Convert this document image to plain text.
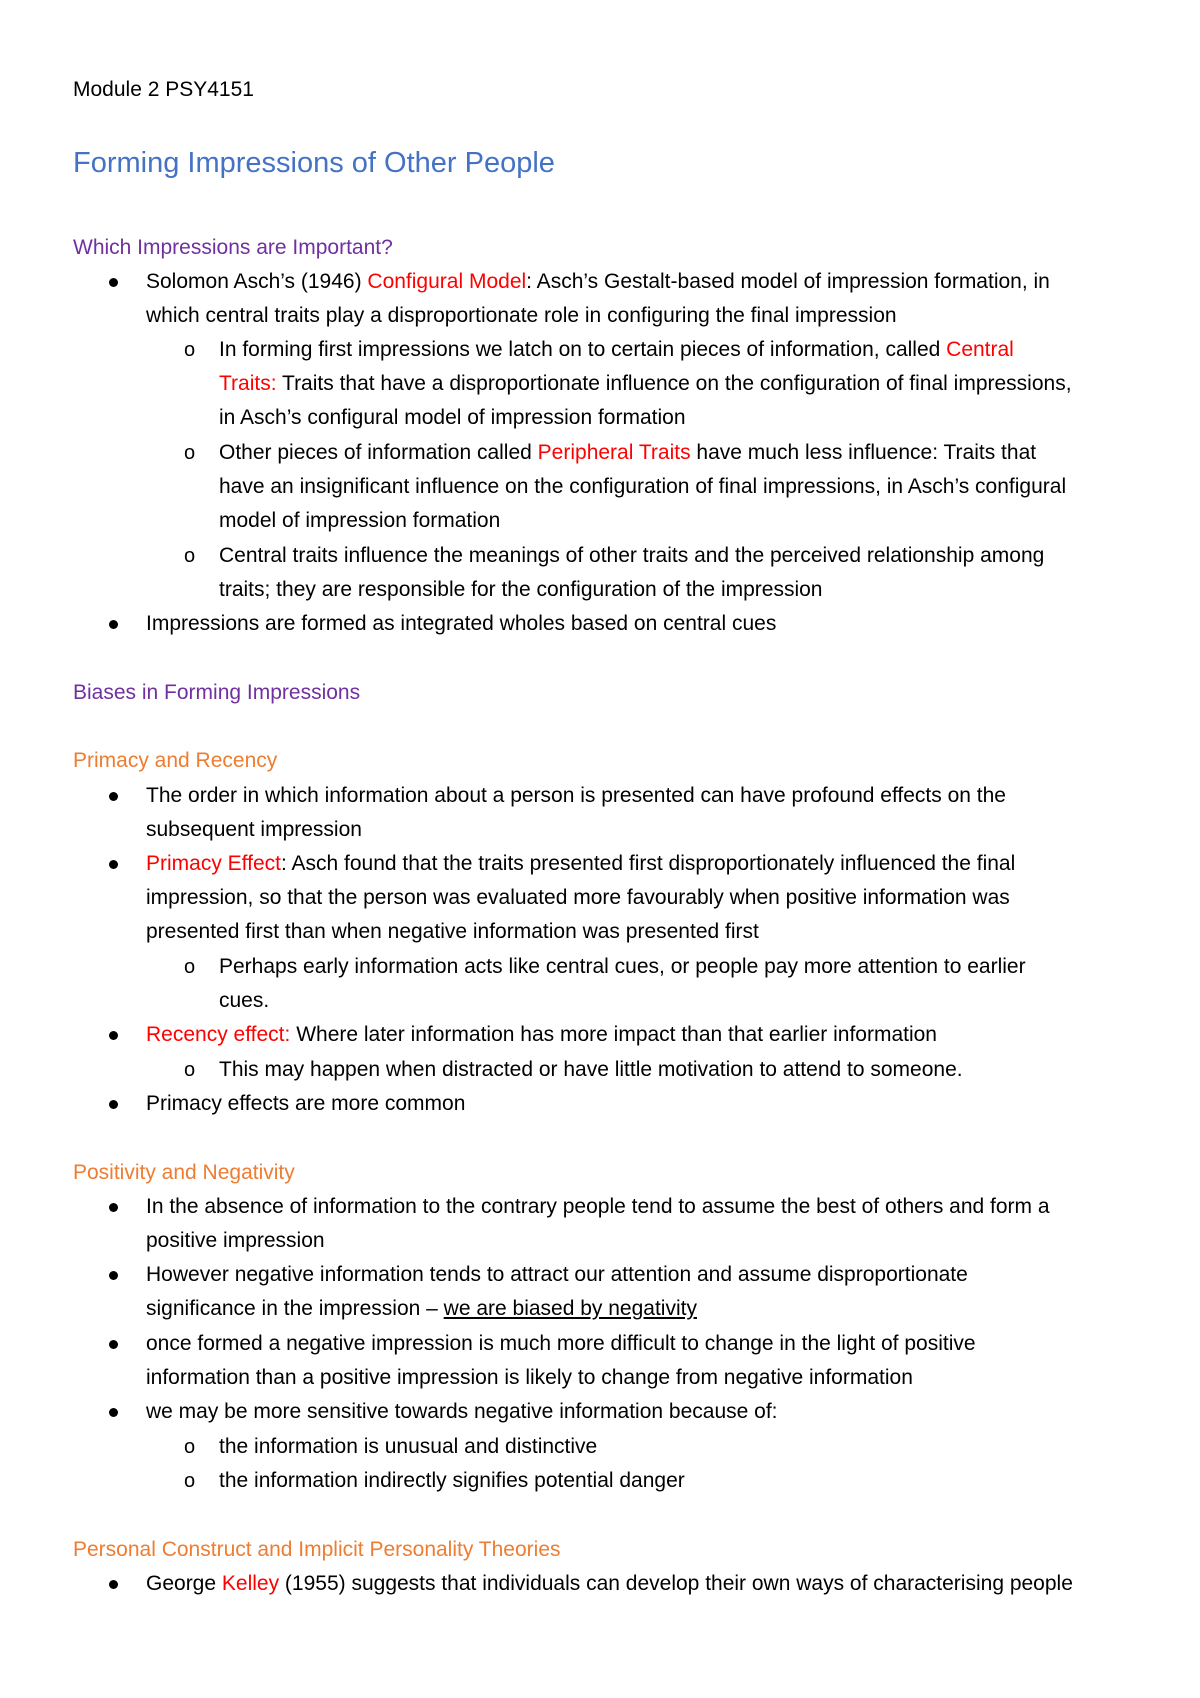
Module 2 PSY4151
Forming Impressions of Other People
Which Impressions are Important?
Solomon Asch’s (1946) Configural Model: Asch’s Gestalt-based model of impression formation, in
which central traits play a disproportionate role in configuring the final impression
o In forming first impressions we latch on to certain pieces of information, called Central
Traits: Traits that have a disproportionate influence on the configuration of final impressions,
in Asch’s configural model of impression formation
o Other pieces of information called Peripheral Traits have much less influence: Traits that
have an insignificant influence on the configuration of final impressions, in Asch’s configural
model of impression formation
o Central traits influence the meanings of other traits and the perceived relationship among
traits; they are responsible for the configuration of the impression
Impressions are formed as integrated wholes based on central cues
Biases in Forming Impressions
Primacy and Recency
The order in which information about a person is presented can have profound effects on the
subsequent impression
Primacy Effect: Asch found that the traits presented first disproportionately influenced the final
impression, so that the person was evaluated more favourably when positive information was
presented first than when negative information was presented first
o Perhaps early information acts like central cues, or people pay more attention to earlier
cues.
Recency effect: Where later information has more impact than that earlier information
o This may happen when distracted or have little motivation to attend to someone.
Primacy effects are more common
Positivity and Negativity
In the absence of information to the contrary people tend to assume the best of others and form a
positive impression
However negative information tends to attract our attention and assume disproportionate
significance in the impression – we are biased by negativity
once formed a negative impression is much more difficult to change in the light of positive
information than a positive impression is likely to change from negative information
we may be more sensitive towards negative information because of:
o the information is unusual and distinctive
o the information indirectly signifies potential danger
Personal Construct and Implicit Personality Theories
George Kelley (1955) suggests that individuals can develop their own ways of characterising people
